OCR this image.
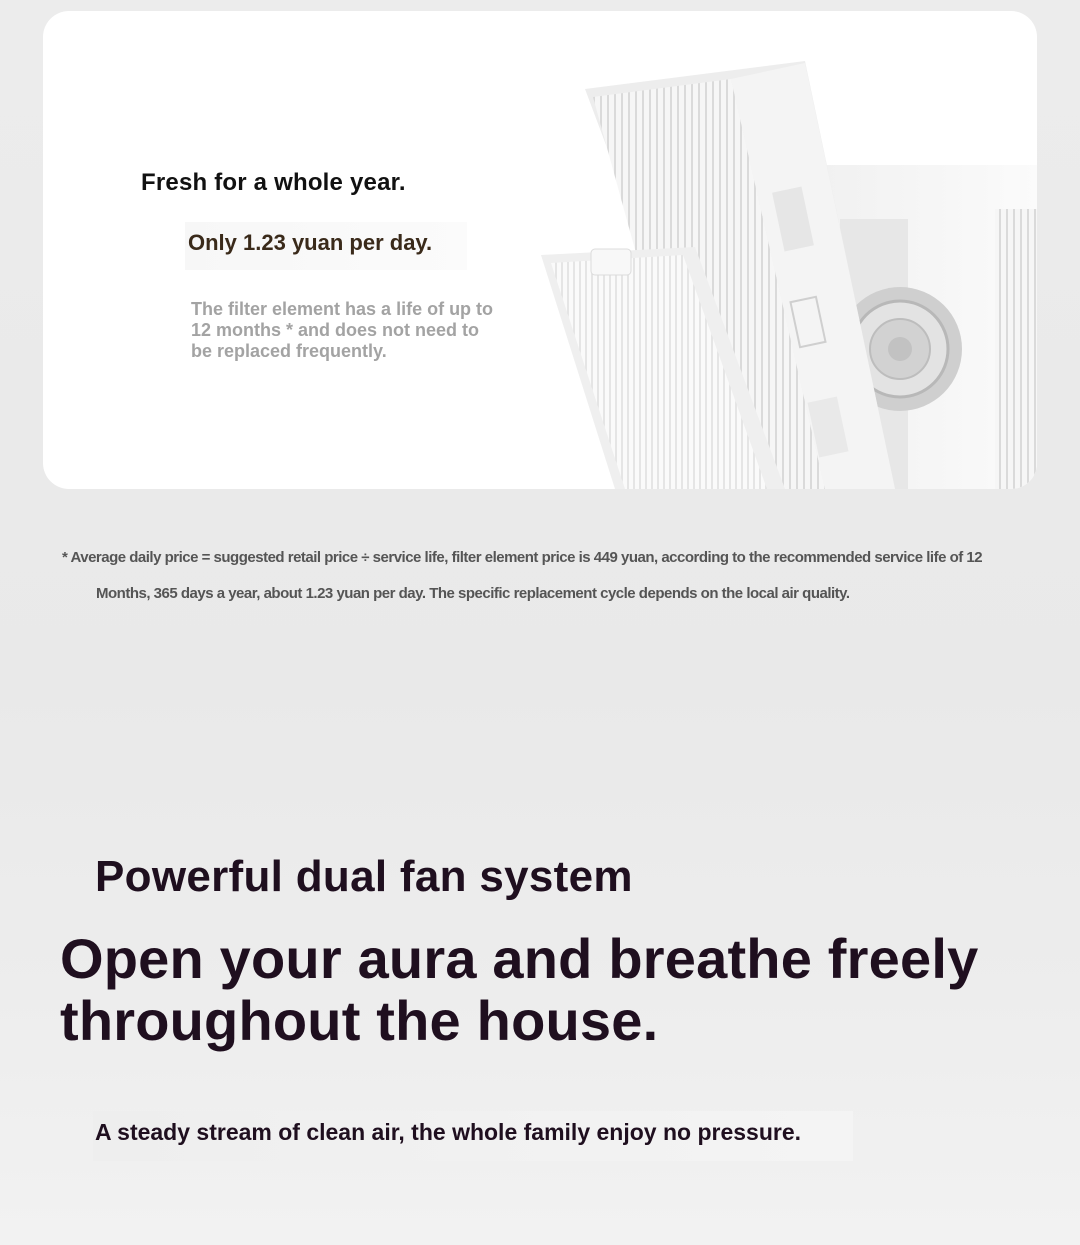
Fresh for a whole year.

Only 1.23 yuan per day.

The filter element has a life of up to 12 months * and does not need to be replaced frequently.

* Average daily price = suggested retail price ÷ service life, filter element price is 449 yuan, according to the recommended service life of 12
Months, 365 days a year, about 1.23 yuan per day. The specific replacement cycle depends on the local air quality.

Powerful dual fan system
Open your aura and breathe freely throughout the house.

A steady stream of clean air, the whole family enjoy no pressure.
